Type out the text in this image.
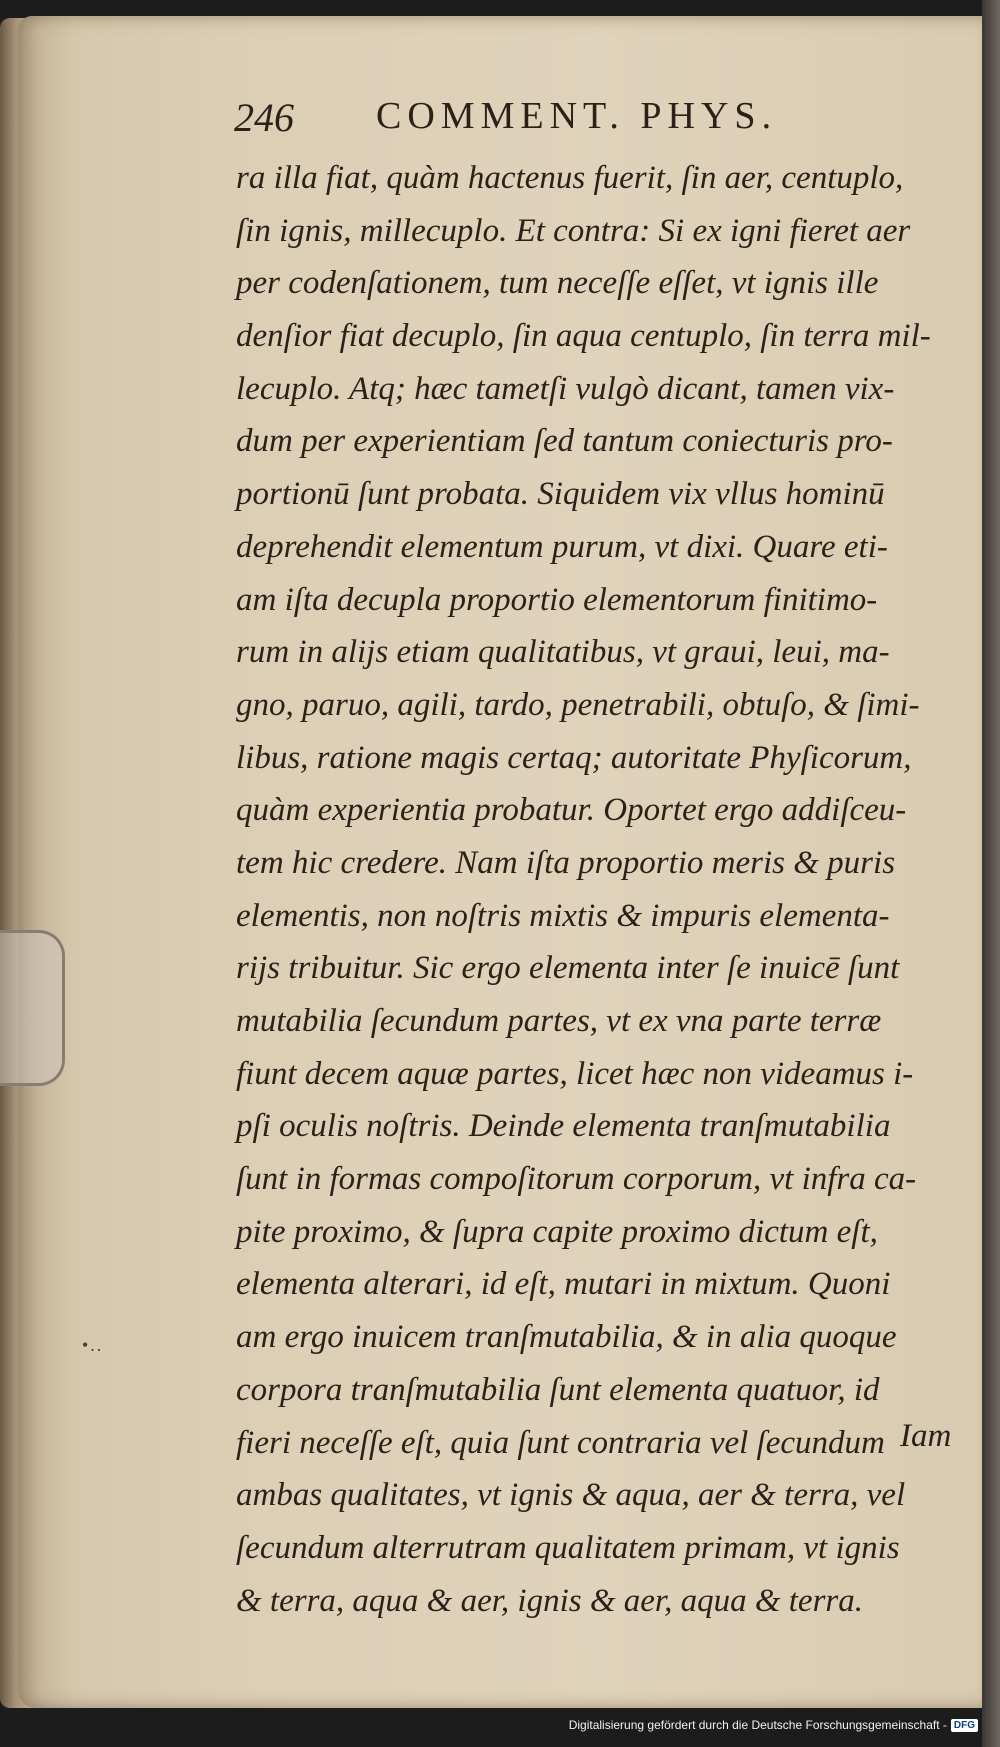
246 COMMENT. PHYS.
ra illa fiat, quàm hactenus fuerit, ſin aer, centuplo,
ſin ignis, millecuplo. Et contra: Si ex igni fieret aer
per codenſationem, tum neceſſe eſſet, vt ignis ille
denſior fiat decuplo, ſin aqua centuplo, ſin terra mil-
lecuplo. Atq; hæc tametſi vulgò dicant, tamen vix-
dum per experientiam ſed tantum coniecturis pro-
portionū ſunt probata. Siquidem vix vllus hominū
deprehendit elementum purum, vt dixi. Quare eti-
am iſta decupla proportio elementorum finitimo-
rum in alijs etiam qualitatibus, vt graui, leui, ma-
gno, paruo, agili, tardo, penetrabili, obtuſo, & ſimi-
libus, ratione magis certaq; autoritate Phyſicorum,
quàm experientia probatur. Oportet ergo addiſceu-
tem hic credere. Nam iſta proportio meris & puris
elementis, non noſtris mixtis & impuris elementa-
rijs tribuitur. Sic ergo elementa inter ſe inuicē ſunt
mutabilia ſecundum partes, vt ex vna parte terræ
fiunt decem aquæ partes, licet hæc non videamus i-
pſi oculis noſtris. Deinde elementa tranſmutabilia
ſunt in formas compoſitorum corporum, vt infra ca-
pite proximo, & ſupra capite proximo dictum eſt,
elementa alterari, id eſt, mutari in mixtum. Quoni
am ergo inuicem tranſmutabilia, & in alia quoque
corpora tranſmutabilia ſunt elementa quatuor, id
fieri neceſſe eſt, quia ſunt contraria vel ſecundum
ambas qualitates, vt ignis & aqua, aer & terra, vel
ſecundum alterrutram qualitatem primam, vt ignis
& terra, aqua & aer, ignis & aer, aqua & terra.
Iam
•..
Digitalisierung gefördert durch die Deutsche Forschungsgemeinschaft - DFG
